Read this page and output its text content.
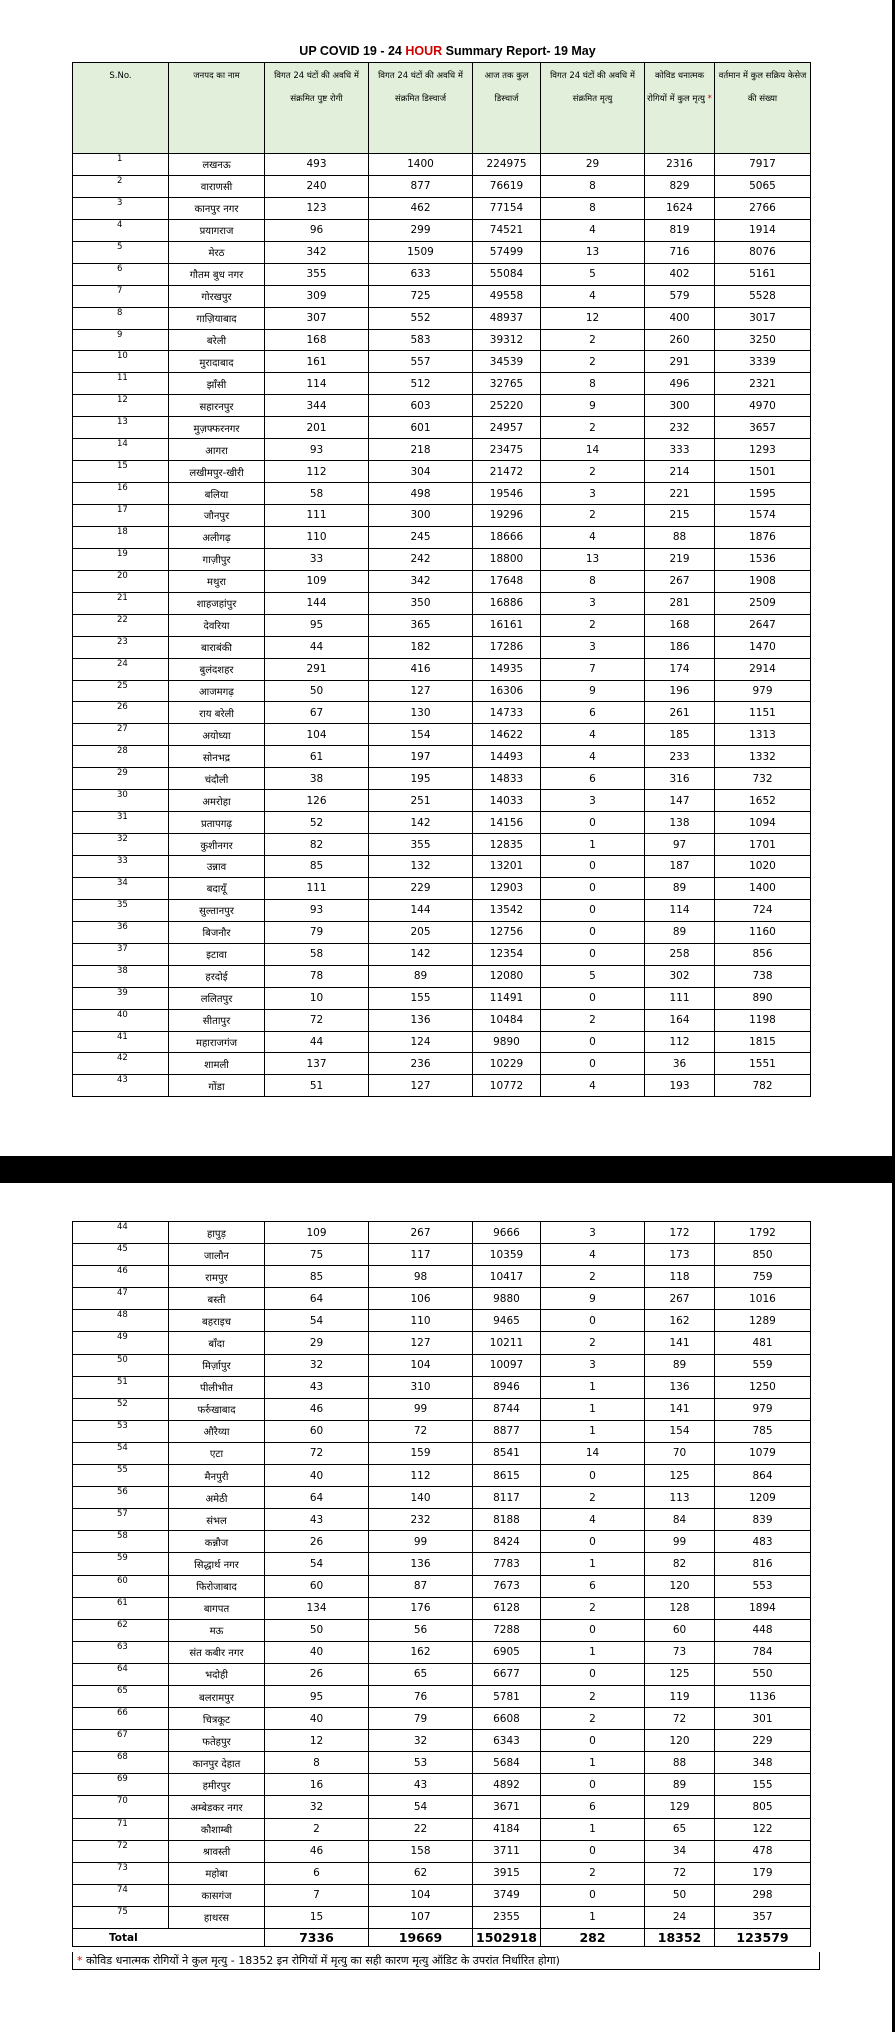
UP COVID 19 - 24 HOUR Summary Report- 19 May
S.No.	जनपद का नाम	विगत 24 घंटों की अवधि में संक्रमित पुष्ट रोगी	विगत 24 घंटों की अवधि में संक्रमित डिस्चार्ज	आज तक कुल डिस्चार्ज	विगत 24 घंटों की अवधि में संक्रमित मृत्यु	कोविड धनात्मक रोगियों में कुल मृत्यु *	वर्तमान में कुल सक्रिय केसेज की संख्या
1	लखनऊ	493	1400	224975	29	2316	7917
2	वाराणसी	240	877	76619	8	829	5065
3	कानपुर नगर	123	462	77154	8	1624	2766
4	प्रयागराज	96	299	74521	4	819	1914
5	मेरठ	342	1509	57499	13	716	8076
6	गौतम बुध नगर	355	633	55084	5	402	5161
7	गोरखपुर	309	725	49558	4	579	5528
8	गाज़ियाबाद	307	552	48937	12	400	3017
9	बरेली	168	583	39312	2	260	3250
10	मुरादाबाद	161	557	34539	2	291	3339
11	झाँसी	114	512	32765	8	496	2321
12	सहारनपुर	344	603	25220	9	300	4970
13	मुज़फ्फरनगर	201	601	24957	2	232	3657
14	आगरा	93	218	23475	14	333	1293
15	लखीमपुर-खीरी	112	304	21472	2	214	1501
16	बलिया	58	498	19546	3	221	1595
17	जौनपुर	111	300	19296	2	215	1574
18	अलीगढ़	110	245	18666	4	88	1876
19	गाज़ीपुर	33	242	18800	13	219	1536
20	मथुरा	109	342	17648	8	267	1908
21	शाहजहांपुर	144	350	16886	3	281	2509
22	देवरिया	95	365	16161	2	168	2647
23	बाराबंकी	44	182	17286	3	186	1470
24	बुलंदशहर	291	416	14935	7	174	2914
25	आजमगढ़	50	127	16306	9	196	979
26	राय बरेली	67	130	14733	6	261	1151
27	अयोध्या	104	154	14622	4	185	1313
28	सोनभद्र	61	197	14493	4	233	1332
29	चंदौली	38	195	14833	6	316	732
30	अमरोहा	126	251	14033	3	147	1652
31	प्रतापगढ़	52	142	14156	0	138	1094
32	कुशीनगर	82	355	12835	1	97	1701
33	उन्नाव	85	132	13201	0	187	1020
34	बदायूँ	111	229	12903	0	89	1400
35	सुल्तानपुर	93	144	13542	0	114	724
36	बिजनौर	79	205	12756	0	89	1160
37	इटावा	58	142	12354	0	258	856
38	हरदोई	78	89	12080	5	302	738
39	ललितपुर	10	155	11491	0	111	890
40	सीतापुर	72	136	10484	2	164	1198
41	महाराजगंज	44	124	9890	0	112	1815
42	शामली	137	236	10229	0	36	1551
43	गोंडा	51	127	10772	4	193	782
44	हापुड़	109	267	9666	3	172	1792
45	जालौन	75	117	10359	4	173	850
46	रामपुर	85	98	10417	2	118	759
47	बस्ती	64	106	9880	9	267	1016
48	बहराइच	54	110	9465	0	162	1289
49	बाँदा	29	127	10211	2	141	481
50	मिर्ज़ापुर	32	104	10097	3	89	559
51	पीलीभीत	43	310	8946	1	136	1250
52	फर्रुखाबाद	46	99	8744	1	141	979
53	औरैय्या	60	72	8877	1	154	785
54	एटा	72	159	8541	14	70	1079
55	मैनपुरी	40	112	8615	0	125	864
56	अमेठी	64	140	8117	2	113	1209
57	संभल	43	232	8188	4	84	839
58	कन्नौज	26	99	8424	0	99	483
59	सिद्धार्थ नगर	54	136	7783	1	82	816
60	फिरोजाबाद	60	87	7673	6	120	553
61	बागपत	134	176	6128	2	128	1894
62	मऊ	50	56	7288	0	60	448
63	संत कबीर नगर	40	162	6905	1	73	784
64	भदोही	26	65	6677	0	125	550
65	बलरामपुर	95	76	5781	2	119	1136
66	चित्रकूट	40	79	6608	2	72	301
67	फतेहपुर	12	32	6343	0	120	229
68	कानपुर देहात	8	53	5684	1	88	348
69	हमीरपुर	16	43	4892	0	89	155
70	अम्बेडकर नगर	32	54	3671	6	129	805
71	कौशाम्बी	2	22	4184	1	65	122
72	श्रावस्ती	46	158	3711	0	34	478
73	महोबा	6	62	3915	2	72	179
74	कासगंज	7	104	3749	0	50	298
75	हाथरस	15	107	2355	1	24	357
Total		7336	19669	1502918	282	18352	123579
* कोविड धनात्मक रोगियों ने कुल मृत्यु - 18352 इन रोगियों में मृत्यु का सही कारण मृत्यु ऑडिट के उपरांत निर्धारित होगा)
